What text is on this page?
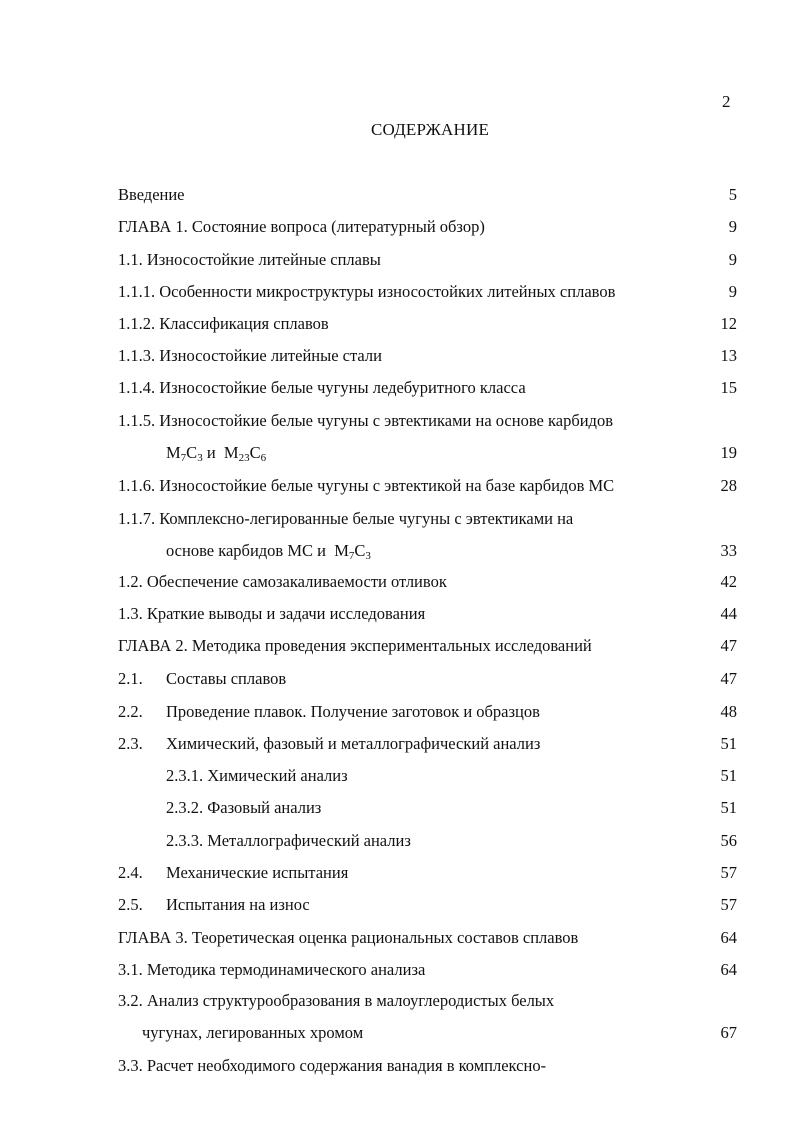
2
СОДЕРЖАНИЕ
Введение	5
ГЛАВА 1. Состояние вопроса (литературный обзор)	9
1.1. Износостойкие литейные сплавы	9
1.1.1. Особенности микроструктуры износостойких литейных сплавов	9
1.1.2. Классификация сплавов	12
1.1.3. Износостойкие литейные стали	13
1.1.4. Износостойкие белые чугуны ледебуритного класса	15
1.1.5. Износостойкие белые чугуны с эвтектиками на основе карбидов
$M_7C_3$ и  $M_{23}C_6$	19
1.1.6. Износостойкие белые чугуны с эвтектикой на базе карбидов МС	28
1.1.7. Комплексно-легированные белые чугуны с эвтектиками на
основе карбидов МС и  $M_7C_3$	33
1.2. Обеспечение самозакаливаемости отливок	42
1.3. Краткие выводы и задачи исследования	44
ГЛАВА 2. Методика проведения экспериментальных исследований	47
2.1. Составы сплавов	47
2.2. Проведение плавок. Получение заготовок и образцов	48
2.3. Химический, фазовый и металлографический анализ	51
2.3.1. Химический анализ	51
2.3.2. Фазовый анализ	51
2.3.3. Металлографический анализ	56
2.4. Механические испытания	57
2.5. Испытания на износ	57
ГЛАВА 3. Теоретическая оценка рациональных составов сплавов	64
3.1. Методика термодинамического анализа	64
3.2. Анализ структурообразования в малоуглеродистых белых
чугунах, легированных хромом	67
3.3. Расчет необходимого содержания ванадия в комплексно-
